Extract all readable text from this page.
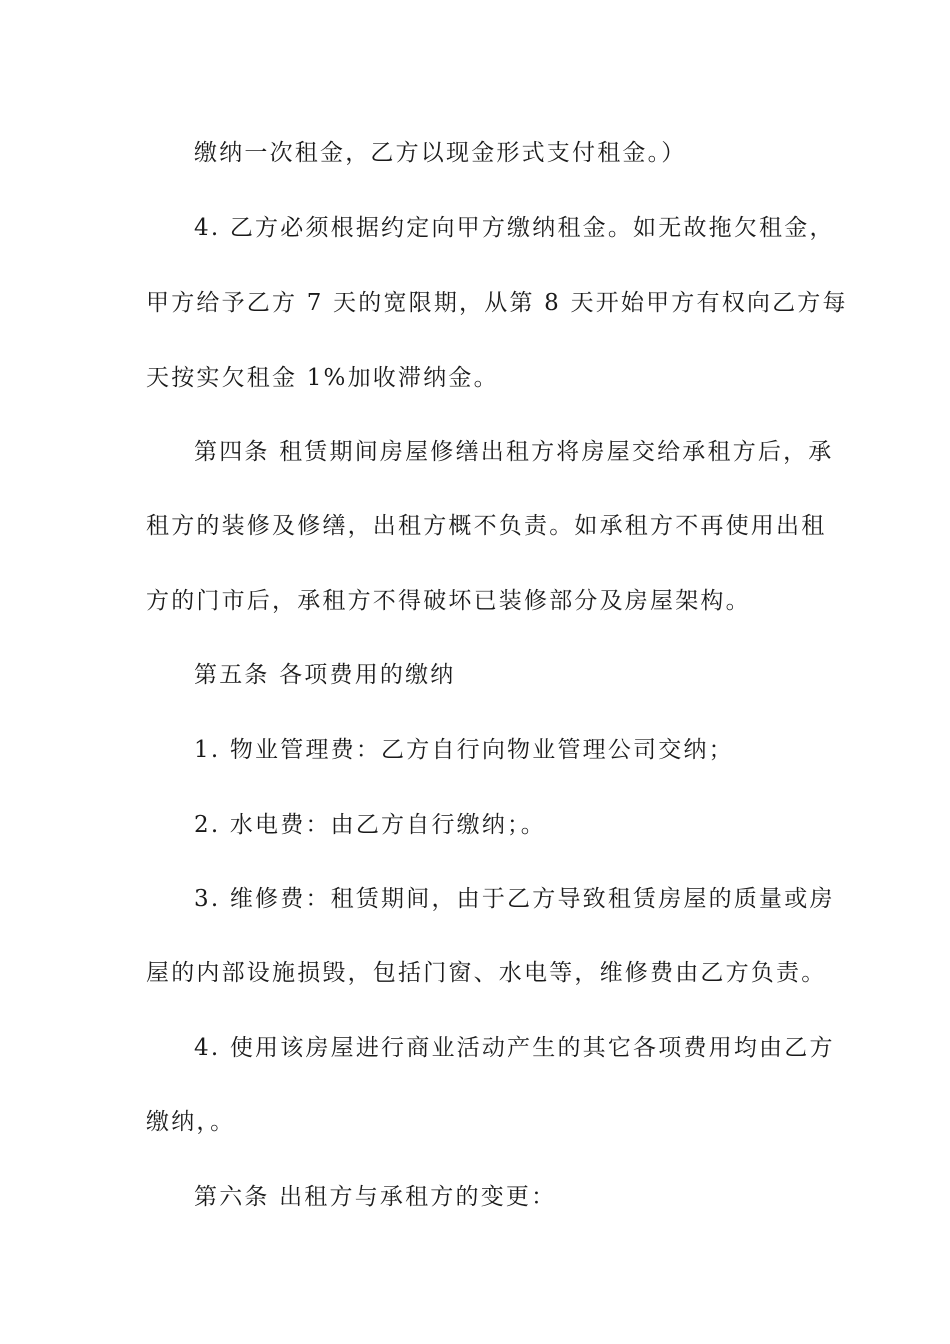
缴纳一次租金，乙方以现金形式支付租金。）
4. 乙方必须根据约定向甲方缴纳租金。如无故拖欠租金，
甲方给予乙方 7 天的宽限期，从第 8 天开始甲方有权向乙方每
天按实欠租金 1%加收滞纳金。
第四条 租赁期间房屋修缮出租方将房屋交给承租方后，承
租方的装修及修缮，出租方概不负责。如承租方不再使用出租
方的门市后，承租方不得破坏已装修部分及房屋架构。
第五条 各项费用的缴纳
1. 物业管理费：乙方自行向物业管理公司交纳；
2. 水电费：由乙方自行缴纳；。
3. 维修费：租赁期间，由于乙方导致租赁房屋的质量或房
屋的内部设施损毁，包括门窗、水电等，维修费由乙方负责。
4. 使用该房屋进行商业活动产生的其它各项费用均由乙方
缴纳，。
第六条 出租方与承租方的变更：
